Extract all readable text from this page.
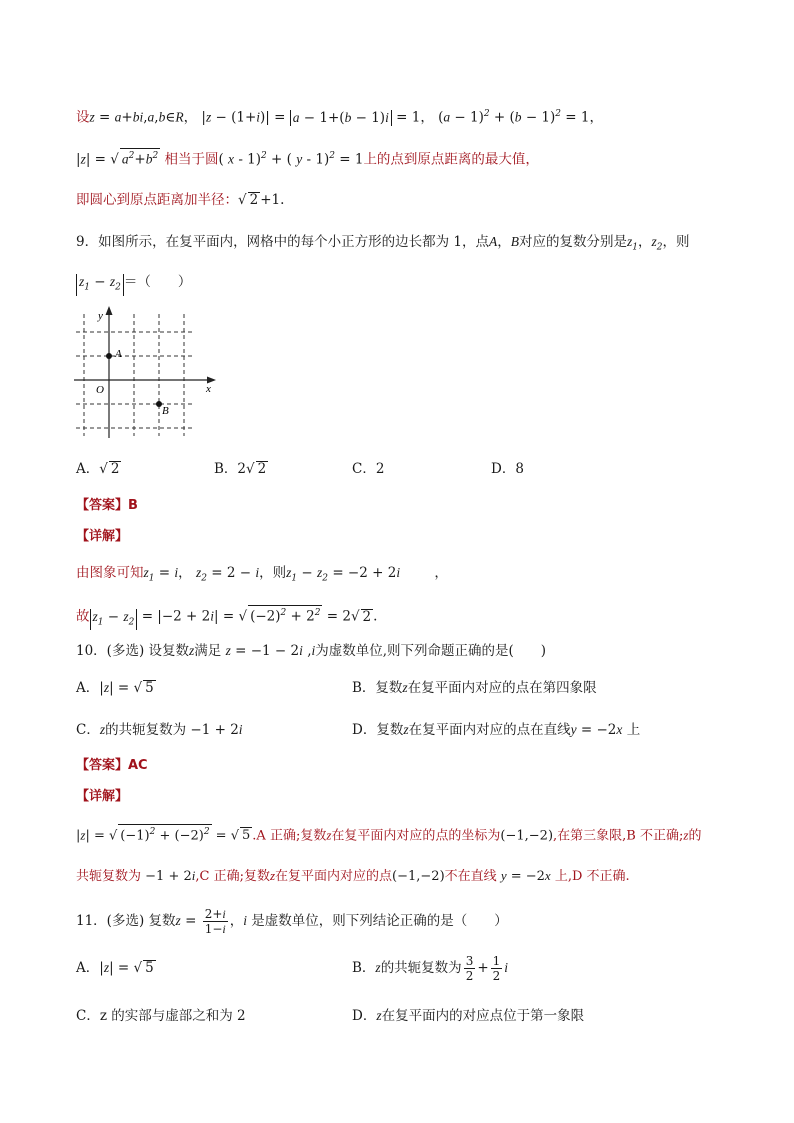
设z = a+bi,a,b∈R， |z − (1+i)| = a − 1+(b − 1)i = 1， $(a - 1)^2 + (b - 1)^2 = 1$，
|z| = √ $a^2+b^2$ 相当于圆( x - 1)$^2$ + ( y - 1)$^2$ = 1上的点到原点距离的最大值，
即圆心到原点距离加半径：√ 2 +1.
9．如图所示，在复平面内，网格中的每个小正方形的边长都为 1，点A，B对应的复数分别是$z_1$，$z_2$，则
$z_1 - z_2$ ＝（　　）
x
y
O
A
B
A．√ 2	B．2√ 2	C．2	D．8
【答案】B
【详解】
由图象可知$z_1 = i$， $z_2 = 2 - i$，则$z_1 - z_2 = -2 + 2i$	，
故 $z_1 - z_2 = |-2 + 2i|$ = √ $(-2)^2 + 2^2 = 2√$ 2 .
10．(多选) 设复数z满足 z = −1 − 2i ,i为虚数单位,则下列命题正确的是(　　)
A．|z| = √ 5	B．复数z在复平面内对应的点在第四象限
C．z的共轭复数为 −1 + 2i	D．复数z在复平面内对应的点在直线y = −2x 上
【答案】AC
【详解】
|z| = √ $(-1)^2 + (-2)^2$ = √ 5 .A 正确;复数z在复平面内对应的点的坐标为(−1,−2),在第三象限,B 不正确;z的
共轭复数为 −1 + 2i,C 正确;复数z在复平面内对应的点(−1,−2)不在直线 y = −2x 上,D 不正确.
11．(多选) 复数$z = \frac{2+i}{1-i}$ ，i 是虚数单位，则下列结论正确的是（　　）
A．|z| = √ 5	B．z的共轭复数为 $\frac{3}{2} + \frac{1}{2}$ i
C．z 的实部与虚部之和为 2	D．z在复平面内的对应点位于第一象限
